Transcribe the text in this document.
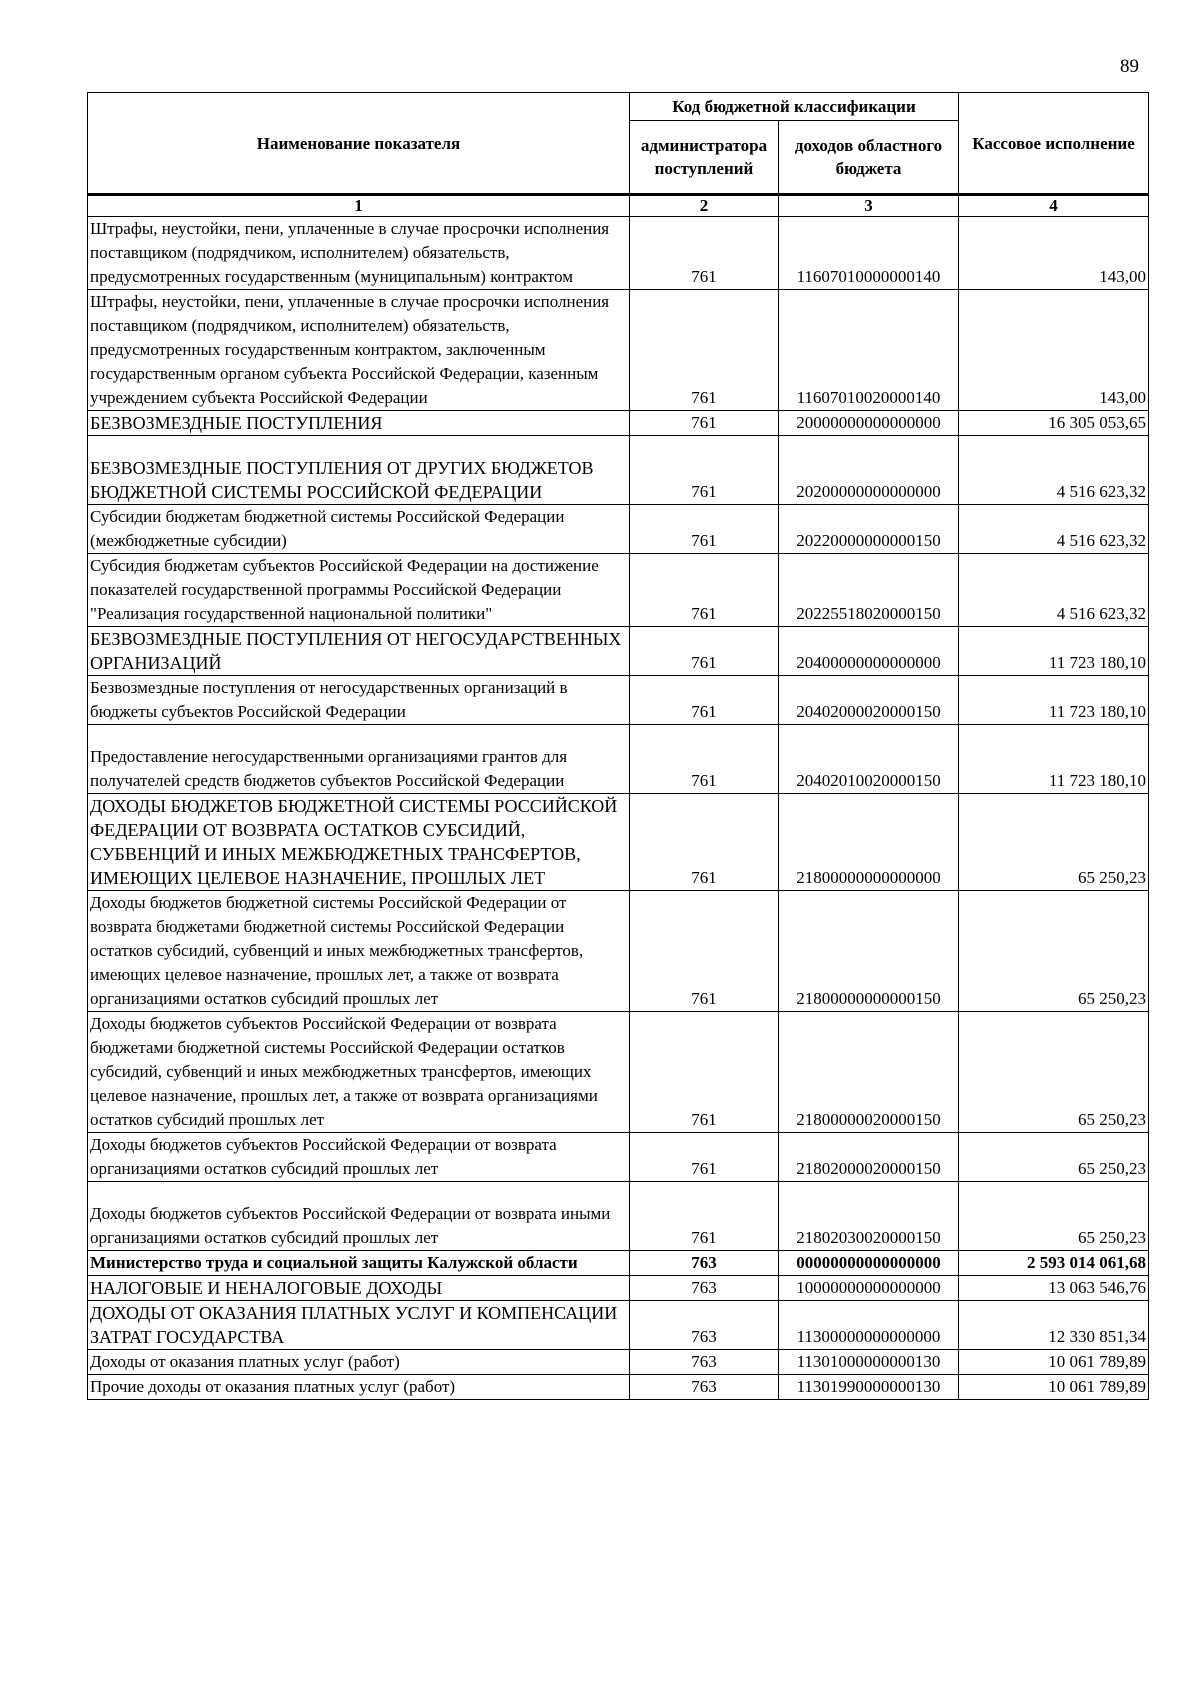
89
Наименование показателя	Код бюджетной классификации		Кассовое исполнение
	администратора поступлений	доходов областного бюджета	
1	2	3	4
Штрафы, неустойки, пени, уплаченные в случае просрочки исполнения поставщиком (подрядчиком, исполнителем) обязательств, предусмотренных государственным (муниципальным) контрактом	761	11607010000000140	143,00
Штрафы, неустойки, пени, уплаченные в случае просрочки исполнения поставщиком (подрядчиком, исполнителем) обязательств, предусмотренных государственным контрактом, заключенным государственным органом субъекта Российской Федерации, казенным учреждением субъекта Российской Федерации	761	11607010020000140	143,00
БЕЗВОЗМЕЗДНЫЕ ПОСТУПЛЕНИЯ	761	20000000000000000	16 305 053,65
БЕЗВОЗМЕЗДНЫЕ ПОСТУПЛЕНИЯ ОТ ДРУГИХ БЮДЖЕТОВ БЮДЖЕТНОЙ СИСТЕМЫ РОССИЙСКОЙ ФЕДЕРАЦИИ	761	20200000000000000	4 516 623,32
Субсидии бюджетам бюджетной системы Российской Федерации (межбюджетные субсидии)	761	20220000000000150	4 516 623,32
Субсидия бюджетам субъектов Российской Федерации на достижение показателей государственной программы Российской Федерации "Реализация государственной национальной политики"	761	20225518020000150	4 516 623,32
БЕЗВОЗМЕЗДНЫЕ ПОСТУПЛЕНИЯ ОТ НЕГОСУДАРСТВЕННЫХ ОРГАНИЗАЦИЙ	761	20400000000000000	11 723 180,10
Безвозмездные поступления от негосударственных организаций в бюджеты субъектов Российской Федерации	761	20402000020000150	11 723 180,10
Предоставление негосударственными организациями грантов для получателей средств бюджетов субъектов Российской Федерации	761	20402010020000150	11 723 180,10
ДОХОДЫ БЮДЖЕТОВ БЮДЖЕТНОЙ СИСТЕМЫ РОССИЙСКОЙ ФЕДЕРАЦИИ ОТ ВОЗВРАТА ОСТАТКОВ СУБСИДИЙ, СУБВЕНЦИЙ И ИНЫХ МЕЖБЮДЖЕТНЫХ ТРАНСФЕРТОВ, ИМЕЮЩИХ ЦЕЛЕВОЕ НАЗНАЧЕНИЕ, ПРОШЛЫХ ЛЕТ	761	21800000000000000	65 250,23
Доходы бюджетов бюджетной системы Российской Федерации от возврата бюджетами бюджетной системы Российской Федерации остатков субсидий, субвенций и иных межбюджетных трансфертов, имеющих целевое назначение, прошлых лет, а также от возврата организациями остатков субсидий прошлых лет	761	21800000000000150	65 250,23
Доходы бюджетов субъектов Российской Федерации от возврата бюджетами бюджетной системы Российской Федерации остатков субсидий, субвенций и иных межбюджетных трансфертов, имеющих целевое назначение, прошлых лет, а также от возврата организациями остатков субсидий прошлых лет	761	21800000020000150	65 250,23
Доходы бюджетов субъектов Российской Федерации от возврата организациями остатков субсидий прошлых лет	761	21802000020000150	65 250,23
Доходы бюджетов субъектов Российской Федерации от возврата иными организациями остатков субсидий прошлых лет	761	21802030020000150	65 250,23
Министерство труда и социальной защиты Калужской области	763	00000000000000000	2 593 014 061,68
НАЛОГОВЫЕ И НЕНАЛОГОВЫЕ ДОХОДЫ	763	10000000000000000	13 063 546,76
ДОХОДЫ ОТ ОКАЗАНИЯ ПЛАТНЫХ УСЛУГ И КОМПЕНСАЦИИ ЗАТРАТ ГОСУДАРСТВА	763	11300000000000000	12 330 851,34
Доходы от оказания платных услуг (работ)	763	11301000000000130	10 061 789,89
Прочие доходы от оказания платных услуг (работ)	763	11301990000000130	10 061 789,89
